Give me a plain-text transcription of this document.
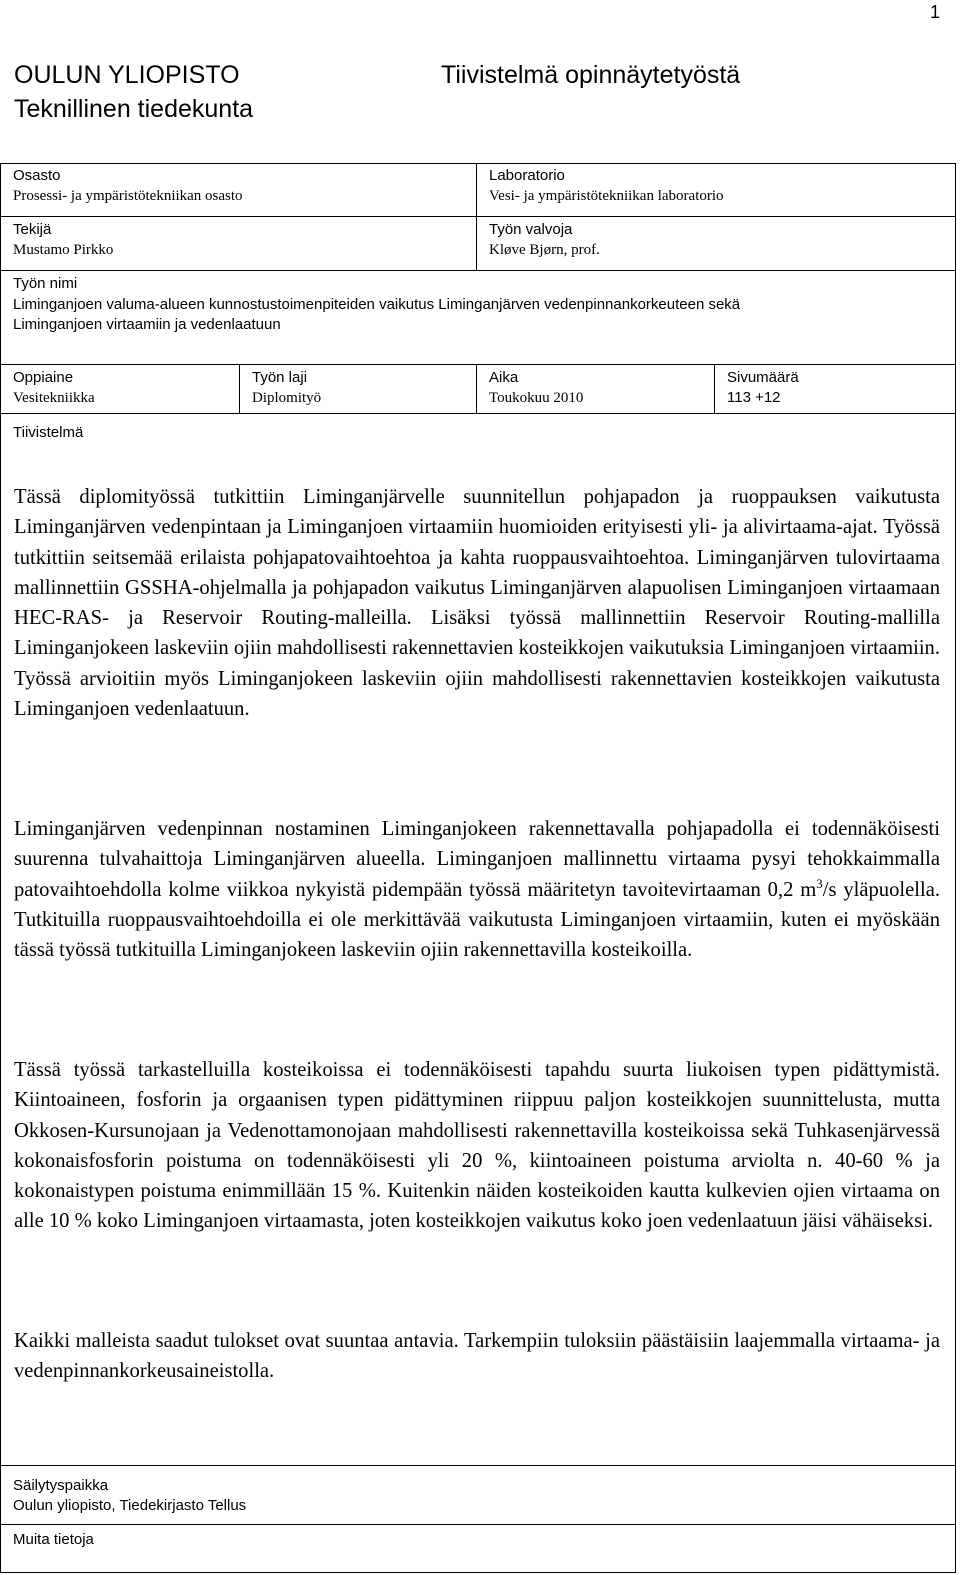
1
OULUN YLIOPISTO
Teknillinen tiedekunta
Tiivistelmä opinnäytetyöstä
Osasto
Prosessi- ja ympäristötekniikan osasto
Laboratorio
Vesi- ja ympäristötekniikan laboratorio
Tekijä
Mustamo Pirkko
Työn valvoja
Kløve Bjørn, prof.
Työn nimi
Liminganjoen valuma-alueen kunnostustoimenpiteiden vaikutus Liminganjärven vedenpinnankorkeuteen sekä
Liminganjoen virtaamiin ja vedenlaatuun
Oppiaine
Vesitekniikka
Työn laji
Diplomityö
Aika
Toukokuu 2010
Sivumäärä
113 +12
Tiivistelmä
Tässä diplomityössä tutkittiin Liminganjärvelle suunnitellun pohjapadon ja ruoppauksen vaikutusta Liminganjärven vedenpintaan ja Liminganjoen virtaamiin huomioiden erityisesti yli- ja alivirtaama-ajat. Työssä tutkittiin seitsemää erilaista pohjapatovaihtoehtoa ja kahta ruoppausvaihtoehtoa. Liminganjärven tulovirtaama mallinnettiin GSSHA-ohjelmalla ja pohjapadon vaikutus Liminganjärven alapuolisen Liminganjoen virtaamaan HEC-RAS- ja Reservoir Routing-malleilla. Lisäksi työssä mallinnettiin Reservoir Routing-mallilla Liminganjokeen laskeviin ojiin mahdollisesti rakennettavien kosteikkojen vaikutuksia Liminganjoen virtaamiin. Työssä arvioitiin myös Liminganjokeen laskeviin ojiin mahdollisesti rakennettavien kosteikkojen vaikutusta Liminganjoen vedenlaatuun.
Liminganjärven vedenpinnan nostaminen Liminganjokeen rakennettavalla pohjapadolla ei todennäköisesti suurenna tulvahaittoja Liminganjärven alueella. Liminganjoen mallinnettu virtaama pysyi tehokkaimmalla patovaihtoehdolla kolme viikkoa nykyistä pidempään työssä määritetyn tavoitevirtaaman 0,2 $m^3/s$ yläpuolella. Tutkituilla ruoppausvaihtoehdoilla ei ole merkittävää vaikutusta Liminganjoen virtaamiin, kuten ei myöskään tässä työssä tutkituilla Liminganjokeen laskeviin ojiin rakennettavilla kosteikoilla.
Tässä työssä tarkastelluilla kosteikoissa ei todennäköisesti tapahdu suurta liukoisen typen pidättymistä. Kiintoaineen, fosforin ja orgaanisen typen pidättyminen riippuu paljon kosteikkojen suunnittelusta, mutta Okkosen-Kursunojaan ja Vedenottamonojaan mahdollisesti rakennettavilla kosteikoissa sekä Tuhkasenjärvessä kokonaisfosforin poistuma on todennäköisesti yli 20 %, kiintoaineen poistuma arviolta n. 40-60 % ja kokonaistypen poistuma enimmillään 15 %. Kuitenkin näiden kosteikoiden kautta kulkevien ojien virtaama on alle 10 % koko Liminganjoen virtaamasta, joten kosteikkojen vaikutus koko joen vedenlaatuun jäisi vähäiseksi.
Kaikki malleista saadut tulokset ovat suuntaa antavia. Tarkempiin tuloksiin päästäisiin laajemmalla virtaama- ja vedenpinnankorkeusaineistolla.
Säilytyspaikka
Oulun yliopisto, Tiedekirjasto Tellus
Muita tietoja
